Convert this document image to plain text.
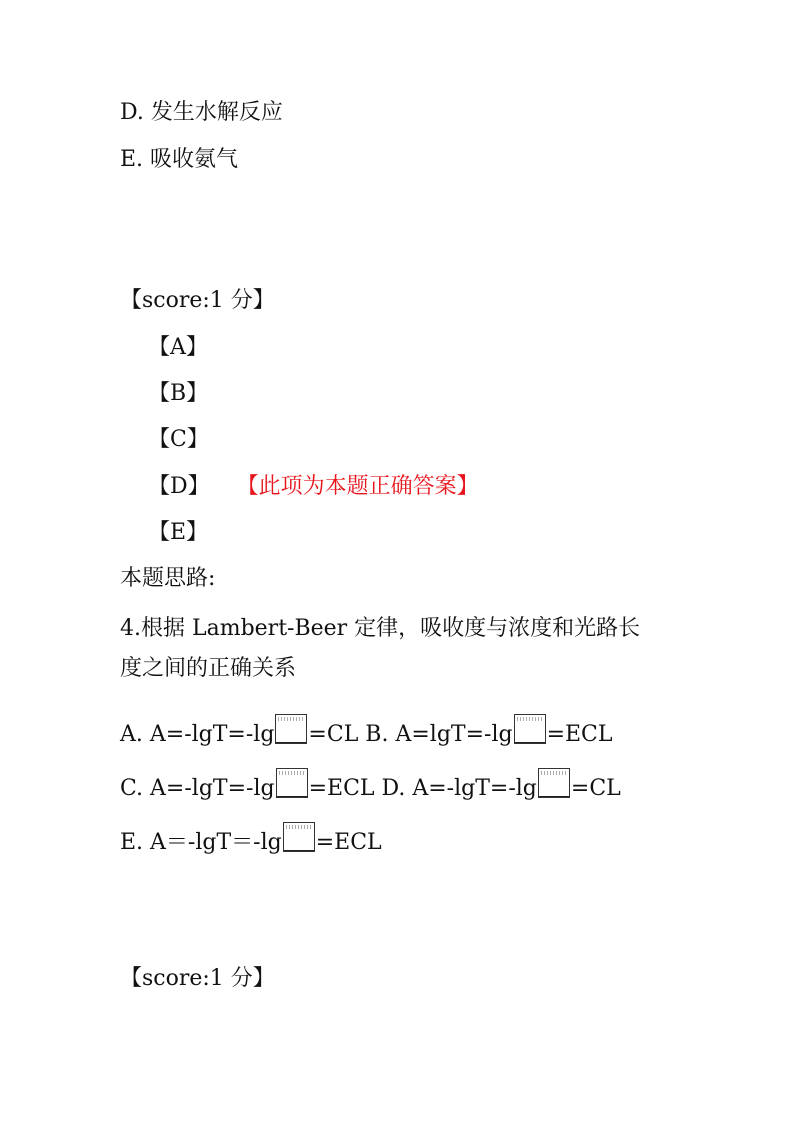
D. 发生水解反应
E. 吸收氨气
【score:1 分】
【A】
【B】
【C】
【D】 【此项为本题正确答案】
【E】
本题思路:
4.根据 Lambert-Beer 定律，吸收度与浓度和光路长
度之间的正确关系
A. A=-lgT=-lg =CL B. A=lgT=-lg =ECL
C. A=-lgT=-lg =ECL D. A=-lgT=-lg =CL
E. A＝-lgT＝-lg =ECL
【score:1 分】
